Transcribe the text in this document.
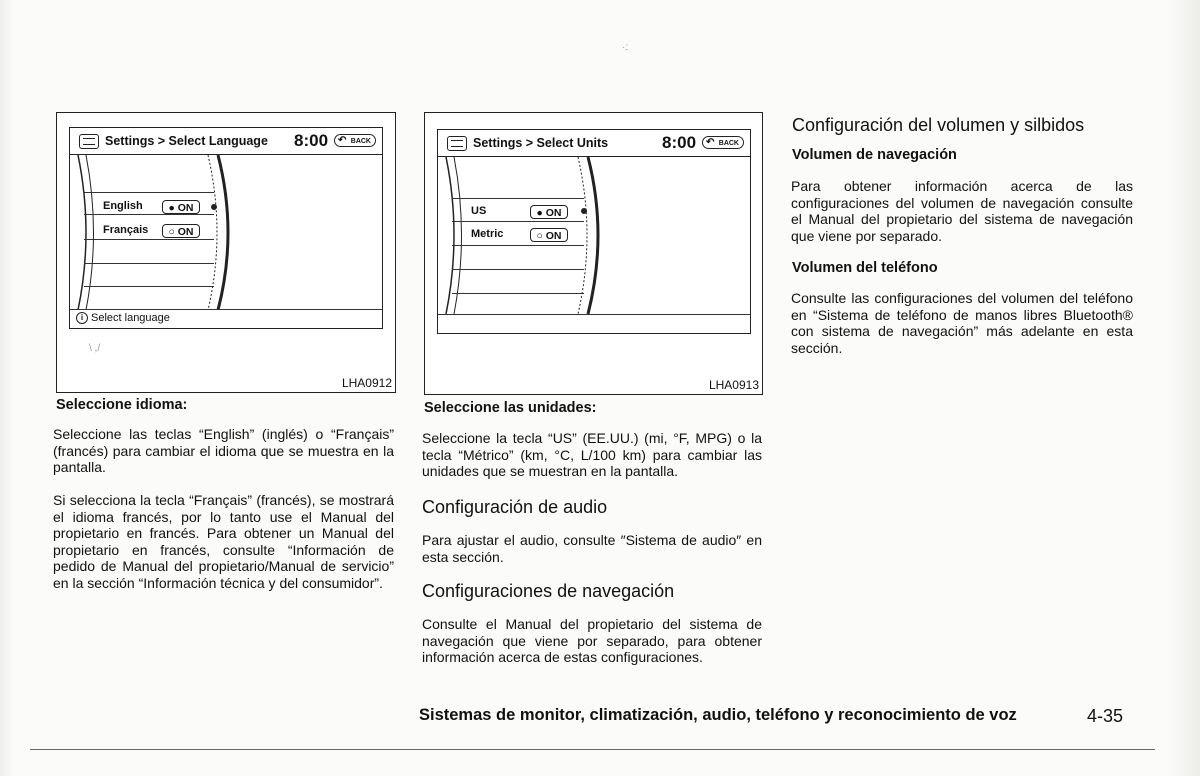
·:
Settings > Select Language 8:00	↶ BACK
English	● ON
Français	○ ON
i Select language
\ ,/
LHA0912
Settings > Select Units	8:00	↶ BACK
US	● ON
Metric	○ ON
LHA0913
Seleccione idioma:

Seleccione las teclas “English” (inglés) o “Français” (francés) para cambiar el idioma que se muestra en la pantalla.

Si selecciona la tecla “Français” (francés), se mostrará el idioma francés, por lo tanto use el Manual del propietario en francés. Para obtener un Manual del propietario en francés, consulte “Información de pedido de Manual del propietario/Manual de servicio” en la sección “Información técnica y del consumidor”.

Seleccione las unidades:

Seleccione la tecla “US” (EE.UU.) (mi, °F, MPG) o la tecla “Métrico” (km, °C, L/100 km) para cambiar las unidades que se muestran en la pantalla.

Configuración de audio

Para ajustar el audio, consulte ″Sistema de audio″ en esta sección.

Configuraciones de navegación

Consulte el Manual del propietario del sistema de navegación que viene por separado, para obtener información acerca de estas configuraciones.

Configuración del volumen y silbidos
Volumen de navegación

Para obtener información acerca de las configuraciones del volumen de navegación consulte el Manual del propietario del sistema de navegación que viene por separado.

Volumen del teléfono

Consulte las configuraciones del volumen del teléfono en “Sistema de teléfono de manos libres Bluetooth® con sistema de navegación” más adelante en esta sección.

Sistemas de monitor, climatización, audio, teléfono y reconocimiento de voz	4-35
